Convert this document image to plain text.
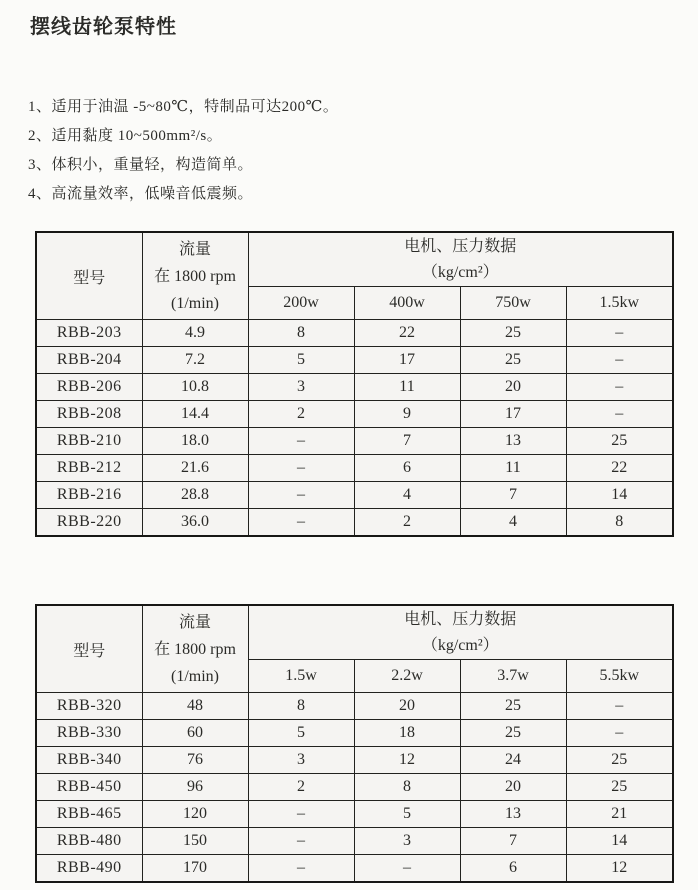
摆线齿轮泵特性
1、适用于油温 -5~80℃，特制品可达200℃。
2、适用黏度 10~500mm²/s。
3、体积小，重量轻，构造简单。
4、高流量效率，低噪音低震频。
型号	
流量
在 1800 rpm
(1/min)

电机、压力数据
（kg/cm²）

		200w	400w	750w	1.5kw
RBB-203	4.9	8	22	25	–
RBB-204	7.2	5	17	25	–
RBB-206	10.8	3	11	20	–
RBB-208	14.4	2	9	17	–
RBB-210	18.0	–	7	13	25
RBB-212	21.6	–	6	11	22
RBB-216	28.8	–	4	7	14
RBB-220	36.0	–	2	4	8
型号	
流量
在 1800 rpm
(1/min)

电机、压力数据
（kg/cm²）

		1.5w	2.2w	3.7w	5.5kw
RBB-320	48	8	20	25	–
RBB-330	60	5	18	25	–
RBB-340	76	3	12	24	25
RBB-450	96	2	8	20	25
RBB-465	120	–	5	13	21
RBB-480	150	–	3	7	14
RBB-490	170	–	–	6	12
